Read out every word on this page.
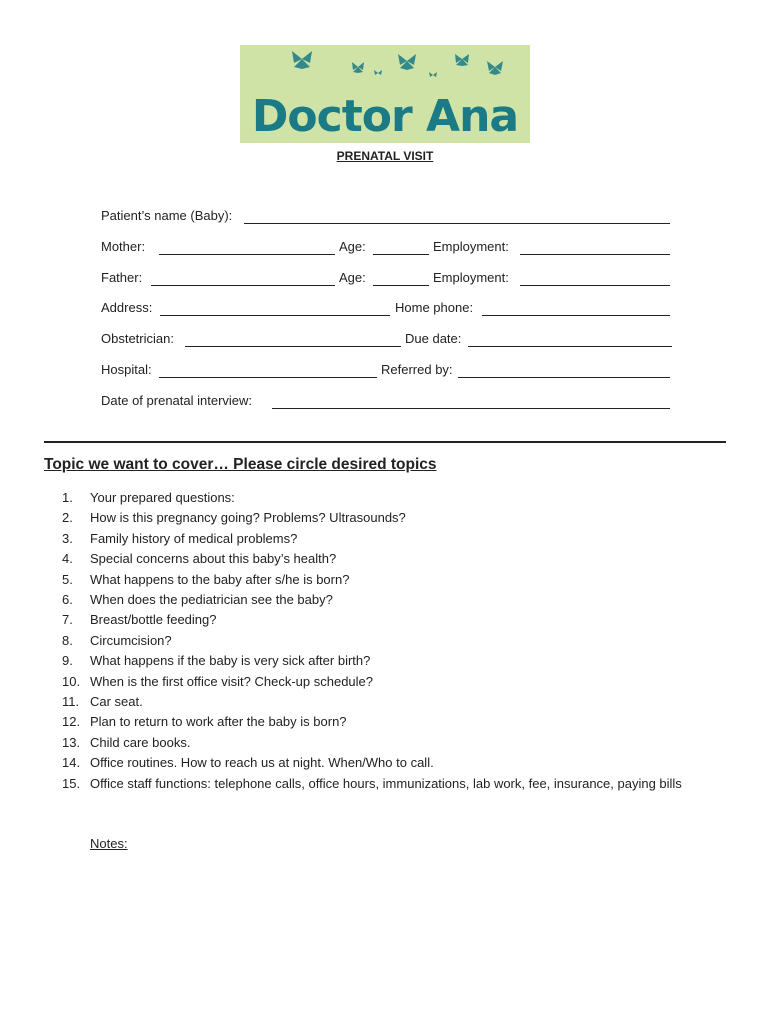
Doctor Ana
PRENATAL VISIT
Patient’s name (Baby):
Mother:	Age:	Employment:
Father:	Age:	Employment:
Address:	Home phone:
Obstetrician:	Due date:
Hospital:	Referred by:
Date of prenatal interview:
Topic we want to cover… Please circle desired topics
1.	Your prepared questions:
2.	How is this pregnancy going? Problems? Ultrasounds?
3.	Family history of medical problems?
4.	Special concerns about this baby’s health?
5.	What happens to the baby after s/he is born?
6.	When does the pediatrician see the baby?
7.	Breast/bottle feeding?
8.	Circumcision?
9.	What happens if the baby is very sick after birth?
10. When is the first office visit? Check-up schedule?
11. Car seat.
12. Plan to return to work after the baby is born?
13. Child care books.
14. Office routines. How to reach us at night. When/Who to call.
15. Office staff functions: telephone calls, office hours, immunizations, lab work, fee, insurance, paying bills
Notes:
